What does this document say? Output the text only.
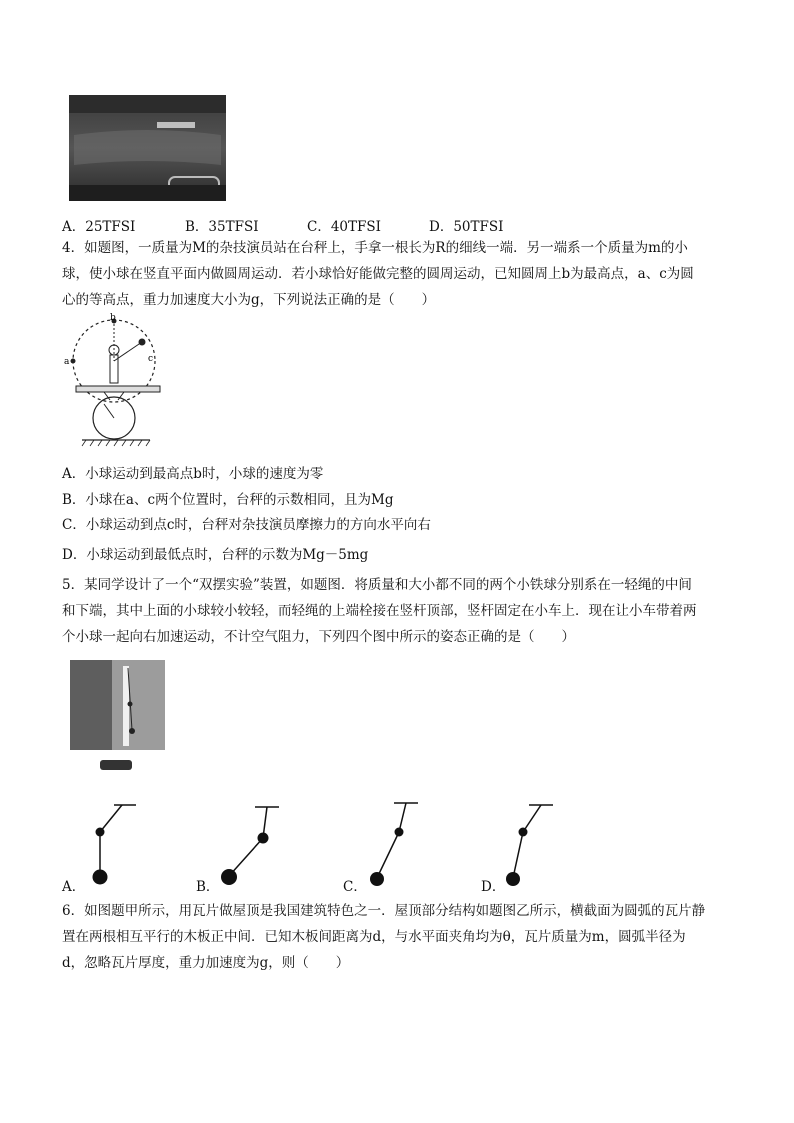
A．25TFSI	B．35TFSI	C．40TFSI	D．50TFSI
4．如题图，一质量为M的杂技演员站在台秤上，手拿一根长为R的细线一端．另一端系一个质量为m的小
球，使小球在竖直平面内做圆周运动．若小球恰好能做完整的圆周运动，已知圆周上b为最高点，a、c为圆
心的等高点，重力加速度大小为g，下列说法正确的是（　　）
b
a	c
A．小球运动到最高点b时，小球的速度为零
B．小球在a、c两个位置时，台秤的示数相同，且为Mg
C．小球运动到点c时，台秤对杂技演员摩擦力的方向水平向右
D．小球运动到最低点时，台秤的示数为Mg－5mg
5．某同学设计了一个“双摆实验”装置，如题图．将质量和大小都不同的两个小铁球分别系在一轻绳的中间
和下端，其中上面的小球较小较轻，而轻绳的上端栓接在竖杆顶部，竖杆固定在小车上．现在让小车带着两
个小球一起向右加速运动，不计空气阻力，下列四个图中所示的姿态正确的是（　　）
A．	B．	C．	D．
6．如图题甲所示，用瓦片做屋顶是我国建筑特色之一．屋顶部分结构如题图乙所示，横截面为圆弧的瓦片静
置在两根相互平行的木板正中间．已知木板间距离为d，与水平面夹角均为θ，瓦片质量为m，圆弧半径为
d，忽略瓦片厚度，重力加速度为g，则（　　）
